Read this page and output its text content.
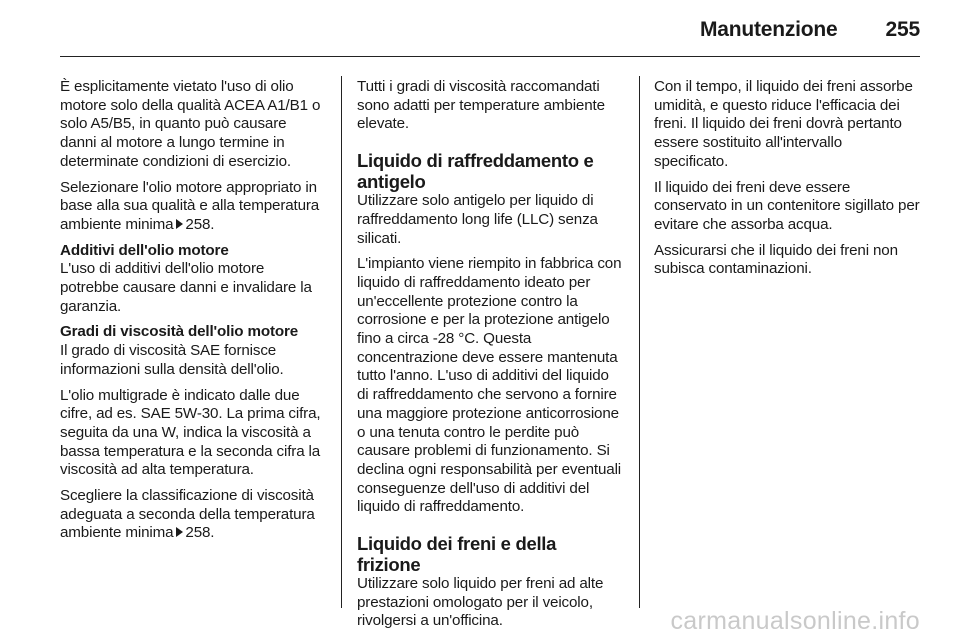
Manutenzione 255

È esplicitamente vietato l'uso di olio motore solo della qualità ACEA A1/B1 o solo A5/B5, in quanto può causare danni al motore a lungo termine in determinate condizioni di esercizio.

Selezionare l'olio motore appropriato in base alla sua qualità e alla temperatura ambiente minima 258.

Additivi dell'olio motore

L'uso di additivi dell'olio motore potrebbe causare danni e invalidare la garanzia.

Gradi di viscosità dell'olio motore

Il grado di viscosità SAE fornisce informazioni sulla densità dell'olio.

L'olio multigrade è indicato dalle due cifre, ad es. SAE 5W-30. La prima cifra, seguita da una W, indica la viscosità a bassa temperatura e la seconda cifra la viscosità ad alta temperatura.

Scegliere la classificazione di viscosità adeguata a seconda della temperatura ambiente minima 258.

Tutti i gradi di viscosità raccomandati sono adatti per temperature ambiente elevate.

Liquido di raffreddamento e antigelo

Utilizzare solo antigelo per liquido di raffreddamento long life (LLC) senza silicati.

L'impianto viene riempito in fabbrica con liquido di raffreddamento ideato per un'eccellente protezione contro la corrosione e per la protezione antigelo fino a circa -28 °C. Questa concentrazione deve essere mantenuta tutto l'anno. L'uso di additivi del liquido di raffreddamento che servono a fornire una maggiore protezione anticorrosione o una tenuta contro le perdite può causare problemi di funzionamento. Si declina ogni responsabilità per eventuali conseguenze dell'uso di additivi del liquido di raffreddamento.

Liquido dei freni e della frizione

Utilizzare solo liquido per freni ad alte prestazioni omologato per il veicolo, rivolgersi a un'officina.

Con il tempo, il liquido dei freni assorbe umidità, e questo riduce l'efficacia dei freni. Il liquido dei freni dovrà pertanto essere sostituito all'intervallo specificato.

Il liquido dei freni deve essere conservato in un contenitore sigillato per evitare che assorba acqua.

Assicurarsi che il liquido dei freni non subisca contaminazioni.

carmanualsonline.info
